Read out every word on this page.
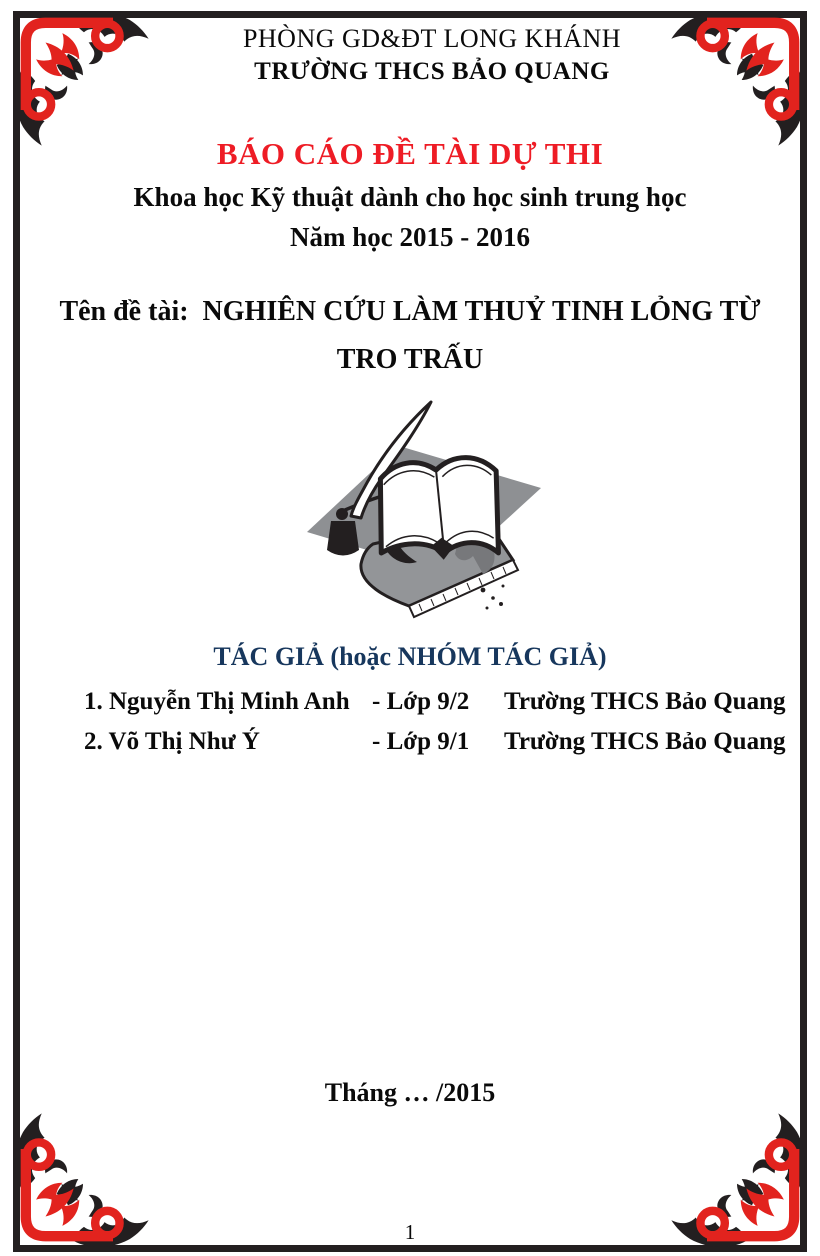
PHÒNG GD&ĐT LONG KHÁNH
TRƯỜNG THCS BẢO QUANG
BÁO CÁO ĐỀ TÀI DỰ THI
Khoa học Kỹ thuật dành cho học sinh trung học
Năm học 2015 - 2016
Tên đề tài: NGHIÊN CỨU LÀM THUỶ TINH LỎNG TỪ
TRO TRẤU
TÁC GIẢ (hoặc NHÓM TÁC GIẢ)
1. Nguyễn Thị Minh Anh - Lớp 9/2	Trường THCS Bảo Quang
2. Võ Thị Như Ý	- Lớp 9/1	Trường THCS Bảo Quang
Tháng … /2015
1
